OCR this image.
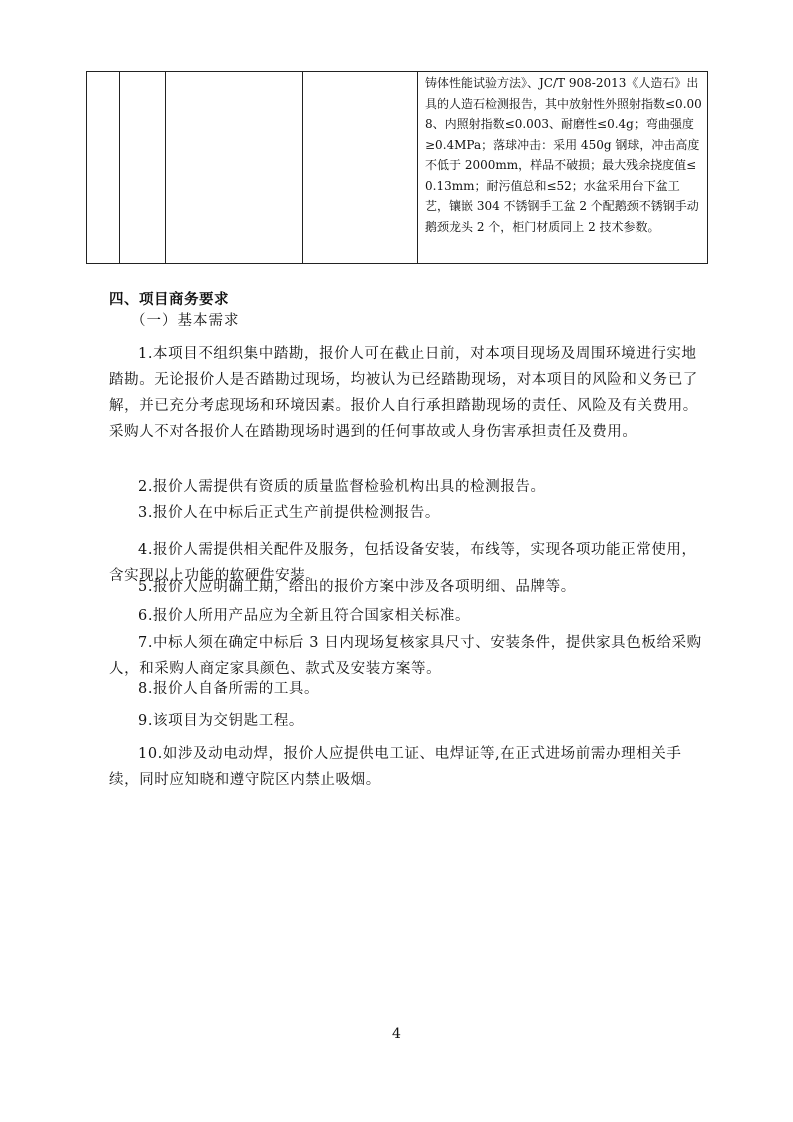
铸体性能试验方法》、JC/T 908-2013《人造石》出具的人造石检测报告，其中放射性外照射指数≤0.008、内照射指数≤0.003、耐磨性≤0.4g；弯曲强度≥0.4MPa；落球冲击：采用 450g 钢球，冲击高度不低于 2000mm，样品不破损；最大残余挠度值≤0.13mm；耐污值总和≤52；水盆采用台下盆工艺，镶嵌 304 不锈钢手工盆 2 个配鹅颈不锈钢手动鹅颈龙头 2 个，柜门材质同上 2 技术参数。
四、项目商务要求
（一）基本需求
1.本项目不组织集中踏勘，报价人可在截止日前，对本项目现场及周围环境进行实地踏勘。无论报价人是否踏勘过现场，均被认为已经踏勘现场，对本项目的风险和义务已了解，并已充分考虑现场和环境因素。报价人自行承担踏勘现场的责任、风险及有关费用。采购人不对各报价人在踏勘现场时遇到的任何事故或人身伤害承担责任及费用。
2.报价人需提供有资质的质量监督检验机构出具的检测报告。
3.报价人在中标后正式生产前提供检测报告。
4.报价人需提供相关配件及服务，包括设备安装，布线等，实现各项功能正常使用，含实现以上功能的软硬件安装。
5.报价人应明确工期，给出的报价方案中涉及各项明细、品牌等。
6.报价人所用产品应为全新且符合国家相关标准。
7.中标人须在确定中标后 3 日内现场复核家具尺寸、安装条件，提供家具色板给采购人，和采购人商定家具颜色、款式及安装方案等。
8.报价人自备所需的工具。
9.该项目为交钥匙工程。
10.如涉及动电动焊，报价人应提供电工证、电焊证等,在正式进场前需办理相关手续，同时应知晓和遵守院区内禁止吸烟。
4
